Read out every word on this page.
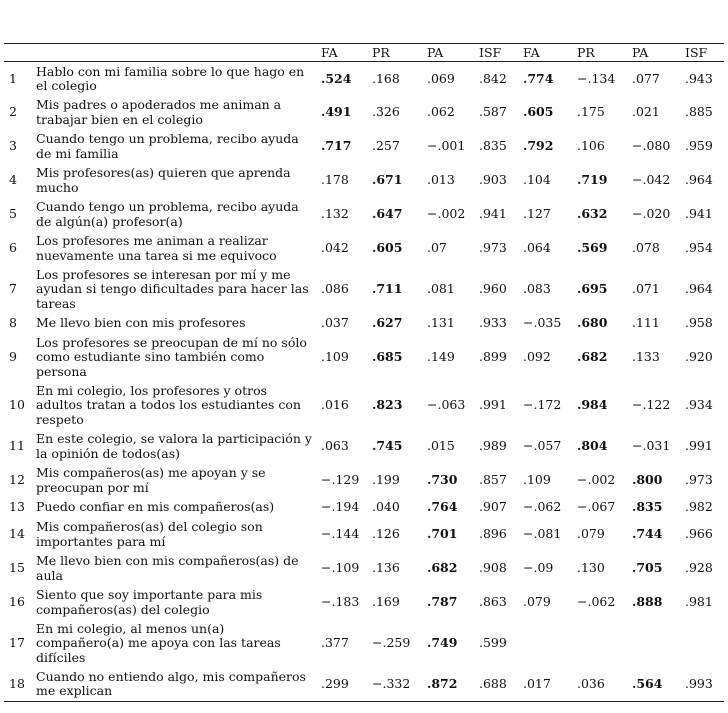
		FA	PR	PA	ISF	FA	PR	PA	ISF
1	Hablo con mi familia sobre lo que hago en el colegio	.524	.168	.069	.842	.774	−.134	.077	.943
2	Mis padres o apoderados me animan a trabajar bien en el colegio	.491	.326	.062	.587	.605	.175	.021	.885
3	Cuando tengo un problema, recibo ayuda de mi familia	.717	.257	−.001	.835	.792	.106	−.080	.959
4	Mis profesores(as) quieren que aprenda mucho	.178	.671	.013	.903	.104	.719	−.042	.964
5	Cuando tengo un problema, recibo ayuda de algún(a) profesor(a)	.132	.647	−.002	.941	.127	.632	−.020	.941
6	Los profesores me animan a realizar nuevamente una tarea si me equivoco	.042	.605	.07	.973	.064	.569	.078	.954
7	Los profesores se interesan por mí y me ayudan si tengo dificultades para hacer las tareas	.086	.711	.081	.960	.083	.695	.071	.964
8	Me llevo bien con mis profesores	.037	.627	.131	.933	−.035	.680	.111	.958
9	Los profesores se preocupan de mí no sólo como estudiante sino también como persona	.109	.685	.149	.899	.092	.682	.133	.920
10	En mi colegio, los profesores y otros adultos tratan a todos los estudiantes con respeto	.016	.823	−.063	.991	−.172	.984	−.122	.934
11	En este colegio, se valora la participación y la opinión de todos(as)	.063	.745	.015	.989	−.057	.804	−.031	.991
12	Mis compañeros(as) me apoyan y se preocupan por mí	−.129	.199	.730	.857	.109	−.002	.800	.973
13	Puedo confiar en mis compañeros(as)	−.194	.040	.764	.907	−.062	−.067	.835	.982
14	Mis compañeros(as) del colegio son importantes para mí	−.144	.126	.701	.896	−.081	.079	.744	.966
15	Me llevo bien con mis compañeros(as) de aula	−.109	.136	.682	.908	−.09	.130	.705	.928
16	Siento que soy importante para mis compañeros(as) del colegio	−.183	.169	.787	.863	.079	−.062	.888	.981
17	En mi colegio, al menos un(a) compañero(a) me apoya con las tareas difíciles	.377	−.259	.749	.599				
18	Cuando no entiendo algo, mis compañeros me explican	.299	−.332	.872	.688	.017	.036	.564	.993
